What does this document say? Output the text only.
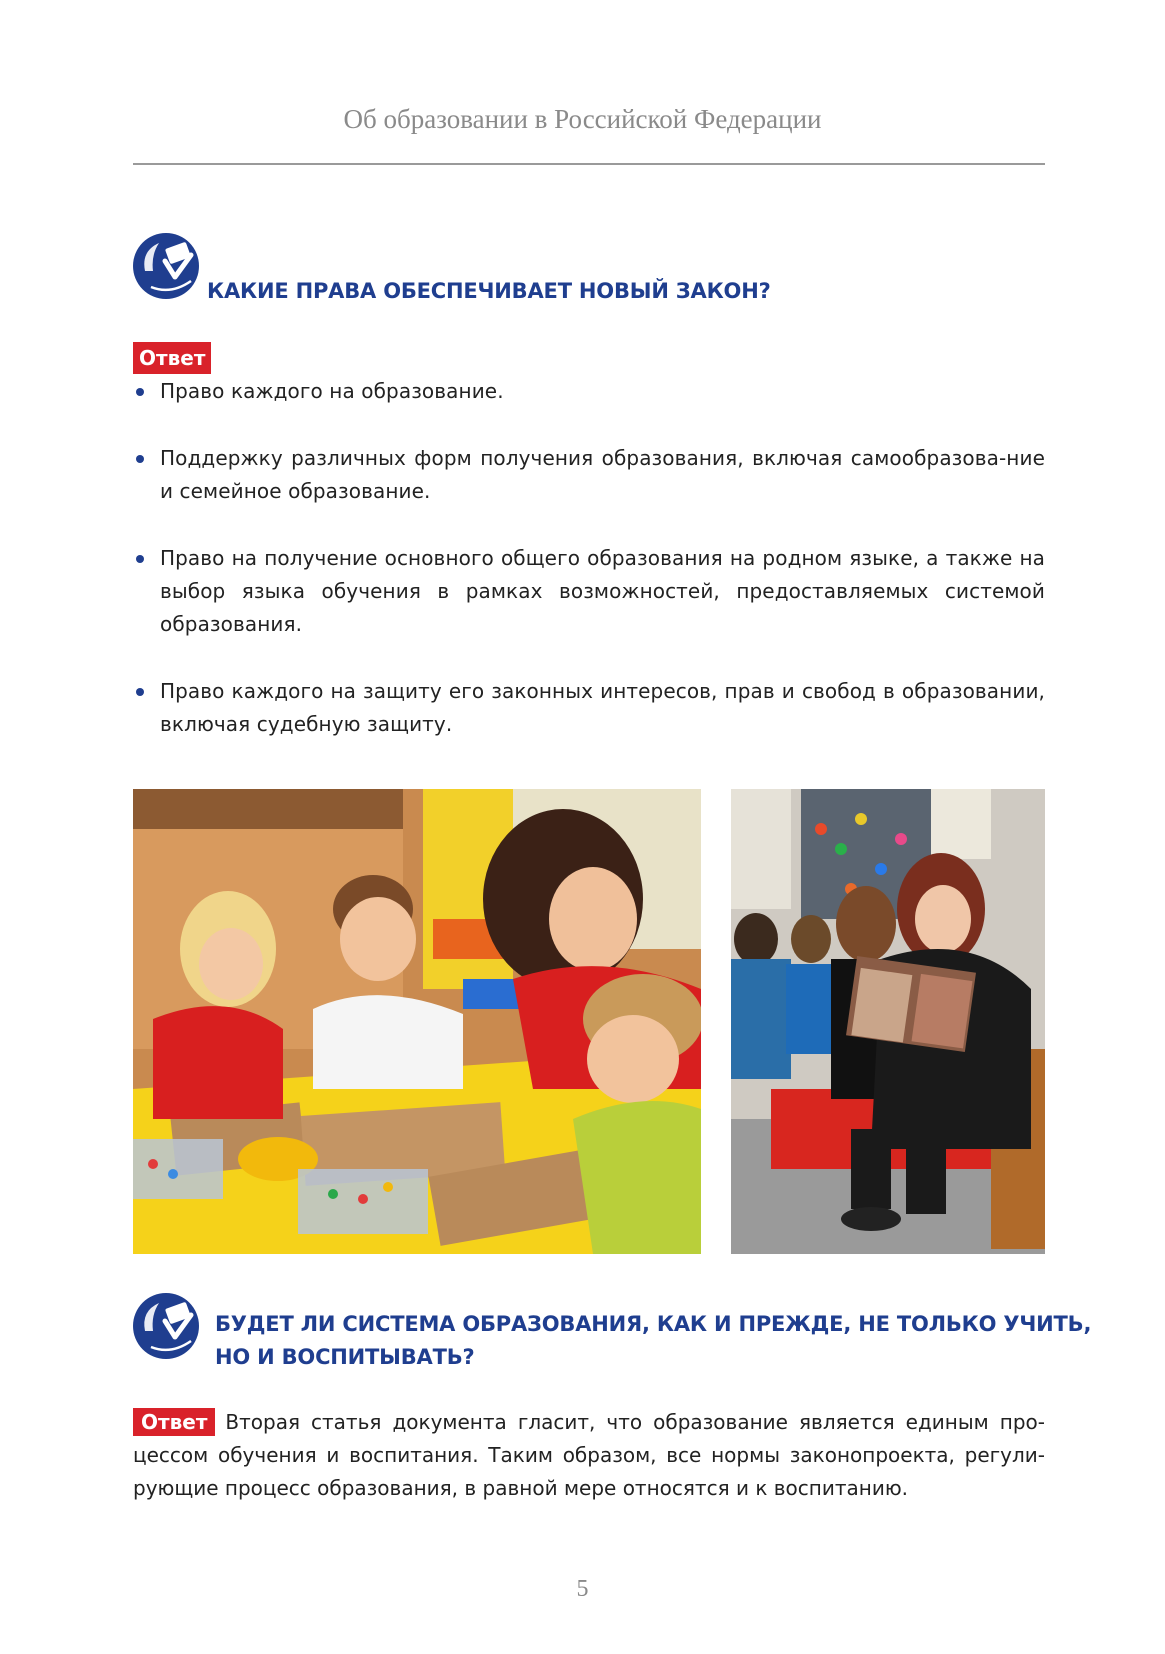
Об образовании в Российской Федерации
КАКИЕ ПРАВА ОБЕСПЕЧИВАЕТ НОВЫЙ ЗАКОН?
Ответ
Право каждого на образование.
Поддержку различных форм получения образования, включая самообразова-ние и семейное образование.
Право на получение основного общего образования на родном языке, а также на выбор языка обучения в рамках возможностей, предоставляемых системой образования.
Право каждого на защиту его законных интересов, прав и свобод в образовании, включая судебную защиту.
БУДЕТ ЛИ СИСТЕМА ОБРАЗОВАНИЯ, КАК И ПРЕЖДЕ, НЕ ТОЛЬКО УЧИТЬ,
НО И ВОСПИТЫВАТЬ?

Ответ Вторая статья документа гласит, что образование является единым про-цессом обучения и воспитания. Таким образом, все нормы законопроекта, регули-рующие процесс образования, в равной мере относятся и к воспитанию.

5
